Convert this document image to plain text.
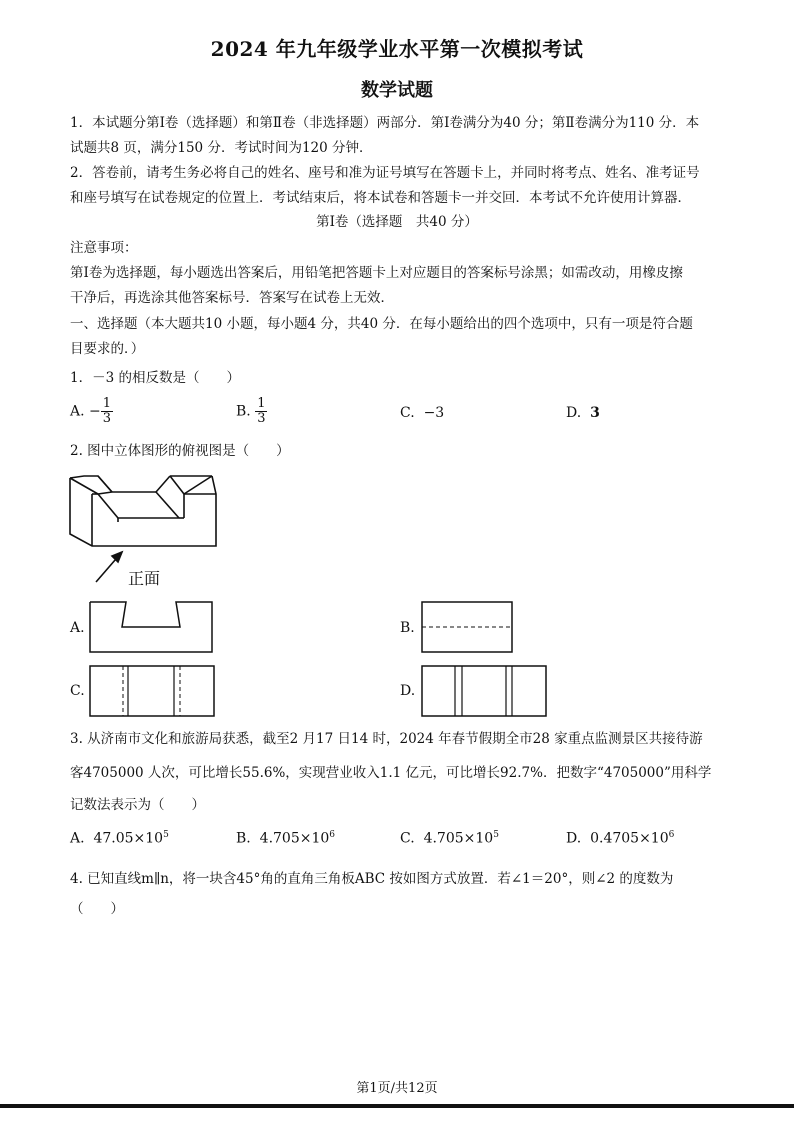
2024 年九年级学业水平第一次模拟考试
数学试题
1．本试题分第Ⅰ卷（选择题）和第Ⅱ卷（非选择题）两部分．第Ⅰ卷满分为40 分；第Ⅱ卷满分为110 分．本
试题共8 页，满分150 分．考试时间为120 分钟．
2．答卷前，请考生务必将自己的姓名、座号和准为证号填写在答题卡上，并同时将考点、姓名、准考证号
和座号填写在试卷规定的位置上．考试结束后，将本试卷和答题卡一并交回．本考试不允许使用计算器．
第Ⅰ卷（选择题　共40 分）
注意事项：
第Ⅰ卷为选择题，每小题选出答案后，用铅笔把答题卡上对应题目的答案标号涂黑；如需改动，用橡皮擦
干净后，再选涂其他答案标号．答案写在试卷上无效．
一、选择题（本大题共10 小题，每小题4 分，共40 分．在每小题给出的四个选项中，只有一项是符合题
目要求的．）
1．－3 的相反数是（　　）
A. − $\frac{1}{3}$	B. $\frac{1}{3}$	C. −3	D. 3
2. 图中立体图形的俯视图是（　　）
正面
A.	B.
C.	D.
3. 从济南市文化和旅游局获悉，截至2 月17 日14 时，2024 年春节假期全市28 家重点监测景区共接待游
客4705000 人次，可比增长55.6%，实现营业收入1.1 亿元，可比增长92.7%．把数字“4705000”用科学
记数法表示为（　　）
A. $47.05\times 10^5$	B. $4.705\times 10^6$	C. $4.705\times 10^5$	D. $0.4705\times 10^6$
4. 已知直线m∥n，将一块含45°角的直角三角板ABC 按如图方式放置．若∠1＝20°，则∠2 的度数为
（　　）
第1页/共12页
